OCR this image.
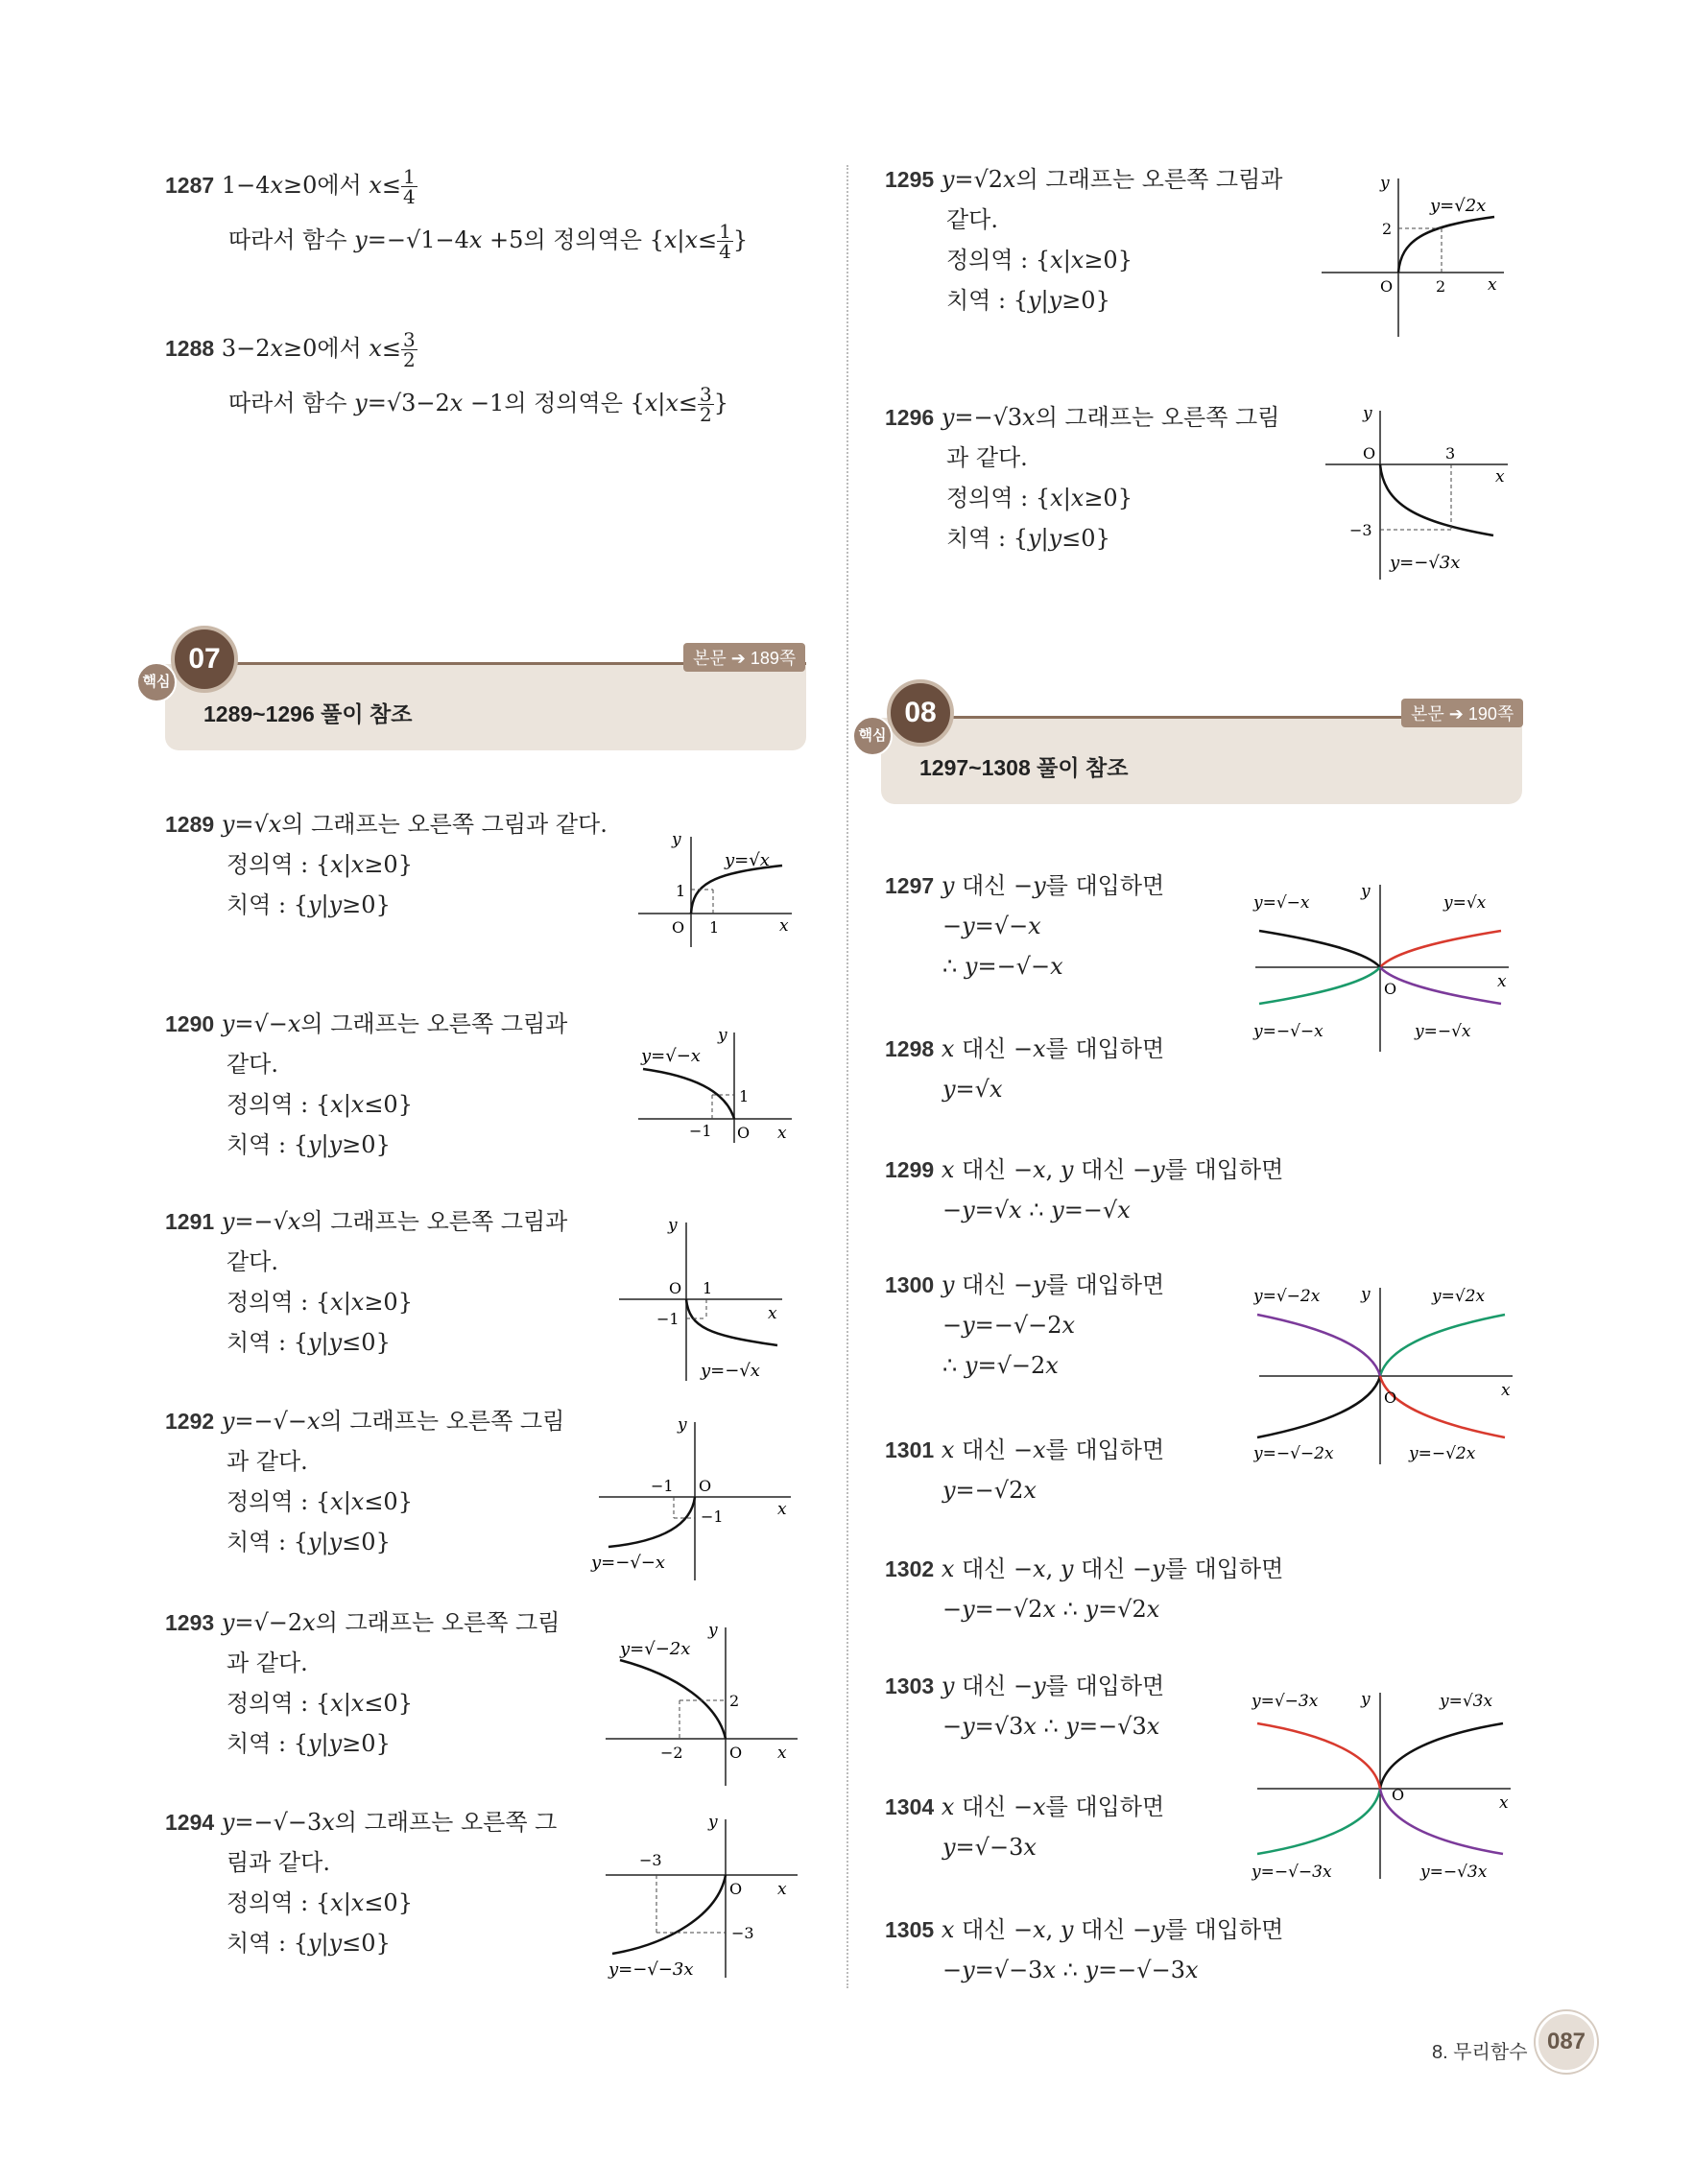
1287 1−4𝑥≥0에서 𝑥≤ $\frac{1}{4}$
따라서 함수 𝑦=−√1−4𝑥 +5의 정의역은 {𝑥|𝑥≤ $\frac{1}{4}$ }
1288 3−2𝑥≥0에서 𝑥≤ $\frac{3}{2}$
따라서 함수 𝑦=√3−2𝑥 −1의 정의역은 {𝑥|𝑥≤ $\frac{3}{2}$ }
07
핵심
본문 ➔ 189쪽
1289~1296 풀이 참조
1289 𝑦=√𝑥의 그래프는 오른쪽 그림과 같다.
정의역 : {𝑥|𝑥≥0}
치역 : {𝑦|𝑦≥0}
1290 𝑦=√−𝑥의 그래프는 오른쪽 그림과
같다.
정의역 : {𝑥|𝑥≤0}
치역 : {𝑦|𝑦≥0}
1291 𝑦=−√𝑥의 그래프는 오른쪽 그림과
같다.
정의역 : {𝑥|𝑥≥0}
치역 : {𝑦|𝑦≤0}
1292 𝑦=−√−𝑥의 그래프는 오른쪽 그림
과 같다.
정의역 : {𝑥|𝑥≤0}
치역 : {𝑦|𝑦≤0}
1293 𝑦=√−2𝑥의 그래프는 오른쪽 그림
과 같다.
정의역 : {𝑥|𝑥≤0}
치역 : {𝑦|𝑦≥0}
1294 𝑦=−√−3𝑥의 그래프는 오른쪽 그
림과 같다.
정의역 : {𝑥|𝑥≤0}
치역 : {𝑦|𝑦≤0}
𝑦=√𝑥
1
1
O	𝑥
𝑦
𝑦=√−𝑥
1
−1 O 𝑥
𝑦
𝑦=−√𝑥
1
−1
O
𝑥
𝑦
𝑦=−√−𝑥
−1
−1
O
𝑥
𝑦
𝑦=√−2𝑥
2
−2	O 𝑥
𝑦
𝑦=−√−3𝑥
−3
−3
O 𝑥
𝑦
1295 𝑦=√2𝑥의 그래프는 오른쪽 그림과
같다.
정의역 : {𝑥|𝑥≥0}
치역 : {𝑦|𝑦≥0}
1296 𝑦=−√3𝑥의 그래프는 오른쪽 그림
과 같다.
정의역 : {𝑥|𝑥≥0}
치역 : {𝑦|𝑦≤0}
𝑦=√2𝑥
2
2
O	𝑥
𝑦
𝑦=−√3𝑥
3
−3
O
𝑥
𝑦
08
핵심
본문 ➔ 190쪽
1297~1308 풀이 참조
1297 𝑦 대신 −𝑦를 대입하면
−𝑦=√−𝑥
∴ 𝑦=−√−𝑥
1298 𝑥 대신 −𝑥를 대입하면
𝑦=√𝑥
1299 𝑥 대신 −𝑥, 𝑦 대신 −𝑦를 대입하면
−𝑦=√𝑥 ∴ 𝑦=−√𝑥
1300 𝑦 대신 −𝑦를 대입하면
−𝑦=−√−2𝑥
∴ 𝑦=√−2𝑥
1301 𝑥 대신 −𝑥를 대입하면
𝑦=−√2𝑥
1302 𝑥 대신 −𝑥, 𝑦 대신 −𝑦를 대입하면
−𝑦=−√2𝑥 ∴ 𝑦=√2𝑥
1303 𝑦 대신 −𝑦를 대입하면
−𝑦=√3𝑥 ∴ 𝑦=−√3𝑥
1304 𝑥 대신 −𝑥를 대입하면
𝑦=√−3𝑥
1305 𝑥 대신 −𝑥, 𝑦 대신 −𝑦를 대입하면
−𝑦=√−3𝑥 ∴ 𝑦=−√−3𝑥
𝑦=√−𝑥	𝑦=√𝑥
𝑦=−√−𝑥	𝑦=−√𝑥
O	𝑥
𝑦
𝑦=√−2𝑥	𝑦=√2𝑥
𝑦=−√−2𝑥	𝑦=−√2𝑥
O	𝑥
𝑦
𝑦=√−3𝑥	𝑦=√3𝑥
𝑦=−√−3𝑥	𝑦=−√3𝑥
O	𝑥
𝑦
8. 무리함수 087
